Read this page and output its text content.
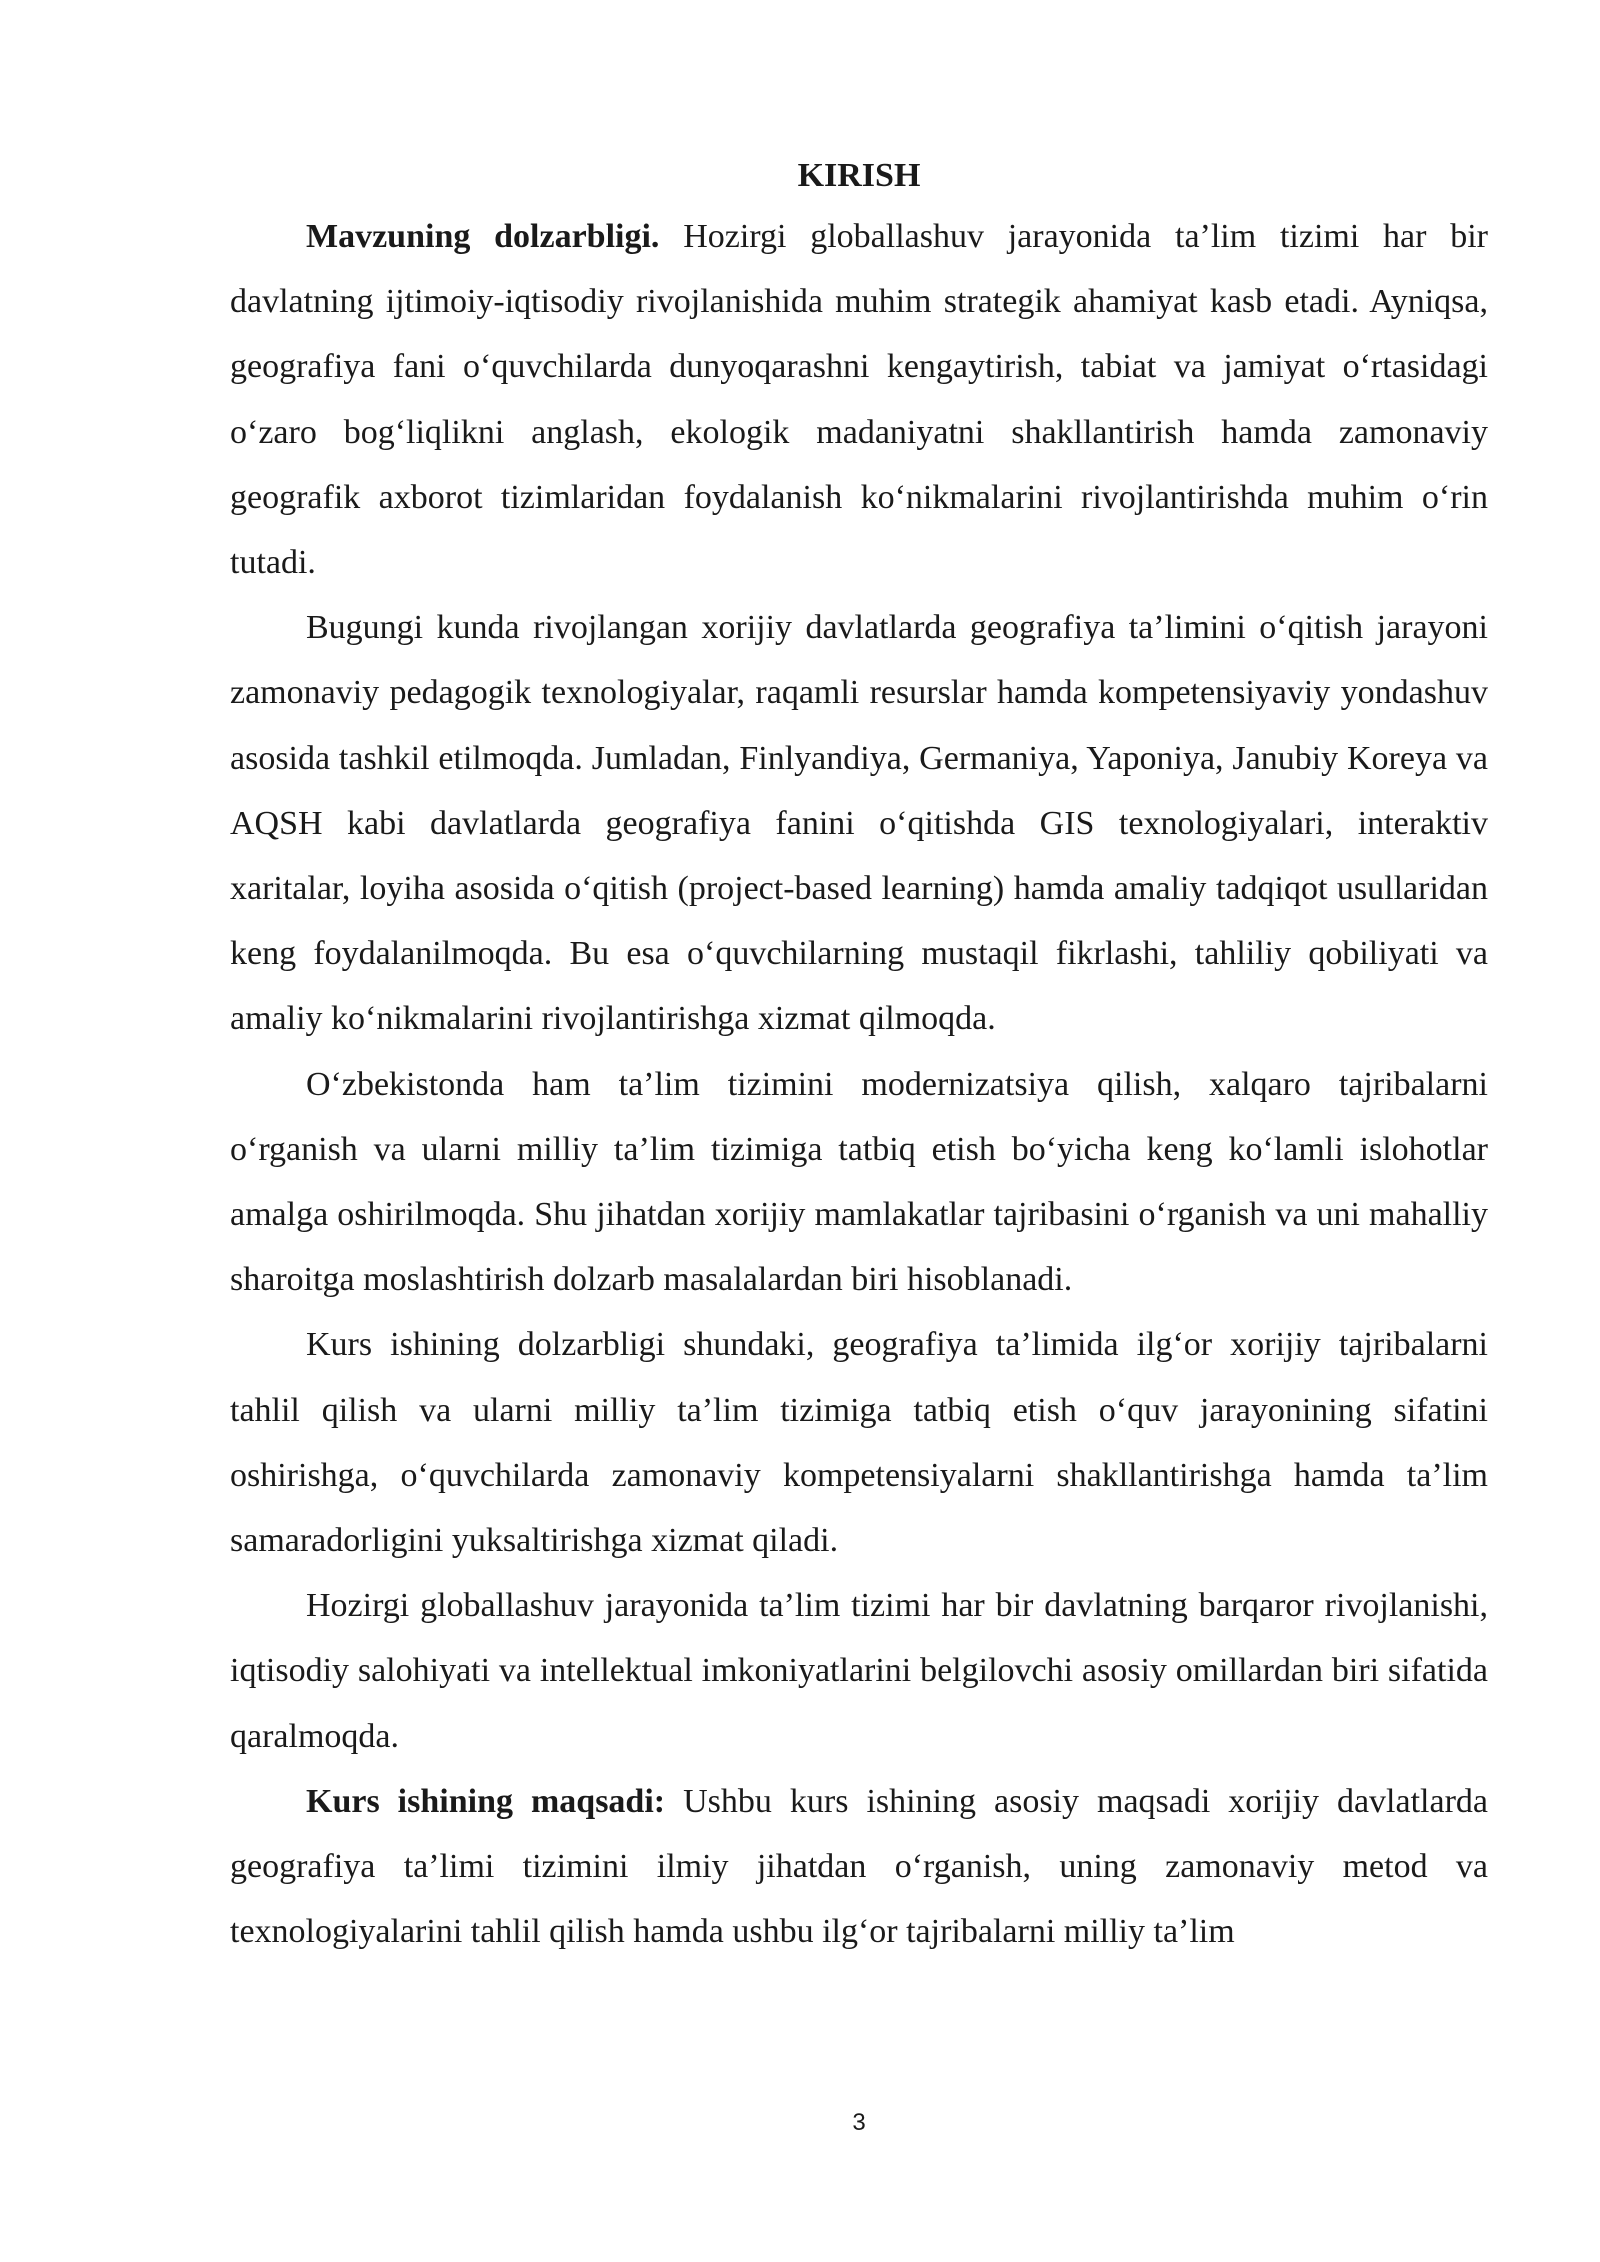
KIRISH

Mavzuning dolzarbligi. Hozirgi globallashuv jarayonida ta’lim tizimi har bir davlatning ijtimoiy-iqtisodiy rivojlanishida muhim strategik ahamiyat kasb etadi. Ayniqsa, geografiya fani o‘quvchilarda dunyoqarashni kengaytirish, tabiat va jamiyat o‘rtasidagi o‘zaro bog‘liqlikni anglash, ekologik madaniyatni shakllantirish hamda zamonaviy geografik axborot tizimlaridan foydalanish ko‘nikmalarini rivojlantirishda muhim o‘rin tutadi.

Bugungi kunda rivojlangan xorijiy davlatlarda geografiya ta’limini o‘qitish jarayoni zamonaviy pedagogik texnologiyalar, raqamli resurslar hamda kompetensiyaviy yondashuv asosida tashkil etilmoqda. Jumladan, Finlyandiya, Germaniya, Yaponiya, Janubiy Koreya va AQSH kabi davlatlarda geografiya fanini o‘qitishda GIS texnologiyalari, interaktiv xaritalar, loyiha asosida o‘qitish (project-based learning) hamda amaliy tadqiqot usullaridan keng foydalanilmoqda. Bu esa o‘quvchilarning mustaqil fikrlashi, tahliliy qobiliyati va amaliy ko‘nikmalarini rivojlantirishga xizmat qilmoqda.

O‘zbekistonda ham ta’lim tizimini modernizatsiya qilish, xalqaro tajribalarni o‘rganish va ularni milliy ta’lim tizimiga tatbiq etish bo‘yicha keng ko‘lamli islohotlar amalga oshirilmoqda. Shu jihatdan xorijiy mamlakatlar tajribasini o‘rganish va uni mahalliy sharoitga moslashtirish dolzarb masalalardan biri hisoblanadi.

Kurs ishining dolzarbligi shundaki, geografiya ta’limida ilg‘or xorijiy tajribalarni tahlil qilish va ularni milliy ta’lim tizimiga tatbiq etish o‘quv jarayonining sifatini oshirishga, o‘quvchilarda zamonaviy kompetensiyalarni shakllantirishga hamda ta’lim samaradorligini yuksaltirishga xizmat qiladi.

Hozirgi globallashuv jarayonida ta’lim tizimi har bir davlatning barqaror rivojlanishi, iqtisodiy salohiyati va intellektual imkoniyatlarini belgilovchi asosiy omillardan biri sifatida qaralmoqda.

Kurs ishining maqsadi: Ushbu kurs ishining asosiy maqsadi xorijiy davlatlarda geografiya ta’limi tizimini ilmiy jihatdan o‘rganish, uning zamonaviy metod va texnologiyalarini tahlil qilish hamda ushbu ilg‘or tajribalarni milliy ta’lim

3
